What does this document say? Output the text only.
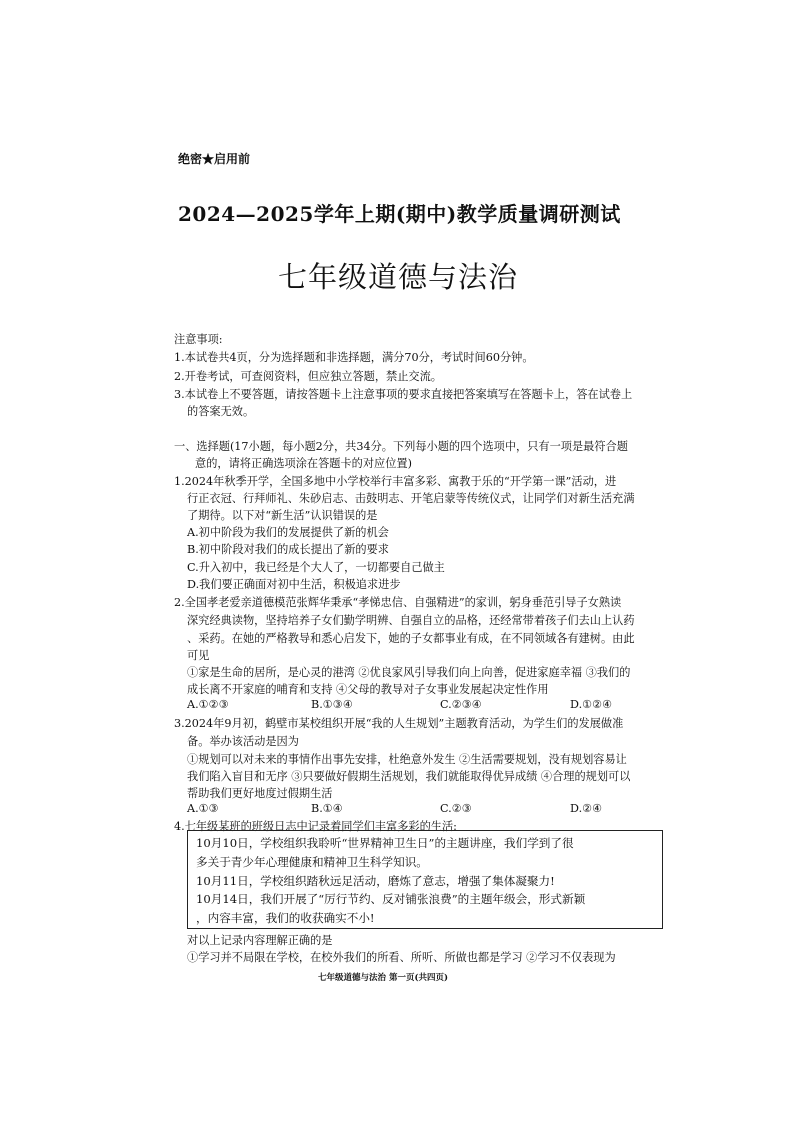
绝密★启用前
2024—2025学年上期(期中)教学质量调研测试
七年级道德与法治
注意事项:
1.本试卷共4页，分为选择题和非选择题，满分70分，考试时间60分钟。
2.开卷考试，可查阅资料，但应独立答题，禁止交流。
3.本试卷上不要答题，请按答题卡上注意事项的要求直接把答案填写在答题卡上，答在试卷上
的答案无效。
一、选择题(17小题，每小题2分，共34分。下列每小题的四个选项中，只有一项是最符合题
意的，请将正确选项涂在答题卡的对应位置)
1.2024年秋季开学，全国多地中小学校举行丰富多彩、寓教于乐的“开学第一课”活动，进
行正衣冠、行拜师礼、朱砂启志、击鼓明志、开笔启蒙等传统仪式，让同学们对新生活充满
了期待。以下对“新生活”认识错误的是
A.初中阶段为我们的发展提供了新的机会
B.初中阶段对我们的成长提出了新的要求
C.升入初中，我已经是个大人了，一切都要自己做主
D.我们要正确面对初中生活，积极追求进步
2.全国孝老爱亲道德模范张辉华秉承“孝悌忠信、自强精进”的家训，躬身垂范引导子女熟读
深究经典读物，坚持培养子女们勤学明辨、自强自立的品格，还经常带着孩子们去山上认药
、采药。在她的严格教导和悉心启发下，她的子女都事业有成，在不同领域各有建树。由此
可见
①家是生命的居所，是心灵的港湾 ②优良家风引导我们向上向善，促进家庭幸福 ③我们的
成长离不开家庭的哺育和支持 ④父母的教导对子女事业发展起决定性作用
A.①②③	B.①③④	C.②③④	D.①②④
3.2024年9月初，鹤壁市某校组织开展“我的人生规划”主题教育活动，为学生们的发展做准
备。举办该活动是因为
①规划可以对未来的事情作出事先安排，杜绝意外发生 ②生活需要规划，没有规划容易让
我们陷入盲目和无序 ③只要做好假期生活规划，我们就能取得优异成绩 ④合理的规划可以
帮助我们更好地度过假期生活
A.①③	B.①④	C.②③	D.②④
4.七年级某班的班级日志中记录着同学们丰富多彩的生活:
10月10日，学校组织我聆听“世界精神卫生日”的主题讲座，我们学到了很
多关于青少年心理健康和精神卫生科学知识。
10月11日，学校组织踏秋远足活动，磨炼了意志，增强了集体凝聚力!
10月14日，我们开展了“厉行节约、反对铺张浪费”的主题年级会，形式新颖
，内容丰富，我们的收获确实不小!
对以上记录内容理解正确的是
①学习并不局限在学校，在校外我们的所看、所听、所做也都是学习 ②学习不仅表现为
七年级道德与法治 第一页(共四页)
